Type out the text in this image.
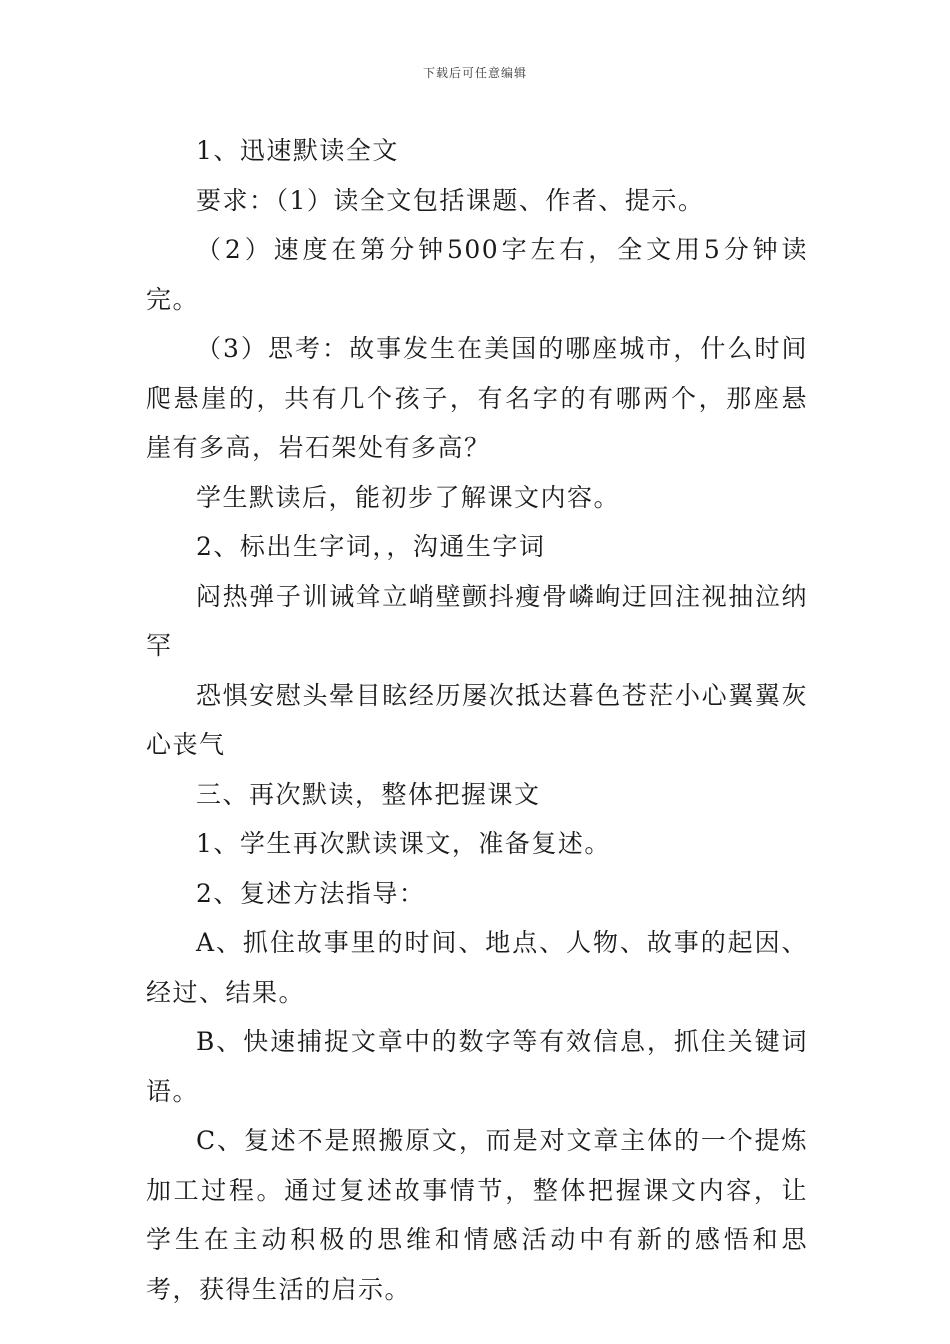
下载后可任意编辑

1、迅速默读全文

要求：（1）读全文包括课题、作者、提示。

（2）速度在第分钟500字左右，全文用5分钟读完。

（3）思考：故事发生在美国的哪座城市，什么时间爬悬崖的，共有几个孩子，有名字的有哪两个，那座悬崖有多高，岩石架处有多高？

学生默读后，能初步了解课文内容。

2、标出生字词，，沟通生字词

闷热弹子训诫耸立峭壁颤抖瘦骨嶙峋迂回注视抽泣纳罕

恐惧安慰头晕目眩经历屡次抵达暮色苍茫小心翼翼灰心丧气

三、再次默读，整体把握课文

1、学生再次默读课文，准备复述。

2、复述方法指导：

A、抓住故事里的时间、地点、人物、故事的起因、经过、结果。

B、快速捕捉文章中的数字等有效信息，抓住关键词语。

C、复述不是照搬原文，而是对文章主体的一个提炼加工过程。通过复述故事情节，整体把握课文内容，让学生在主动积极的思维和情感活动中有新的感悟和思考，获得生活的启示。
